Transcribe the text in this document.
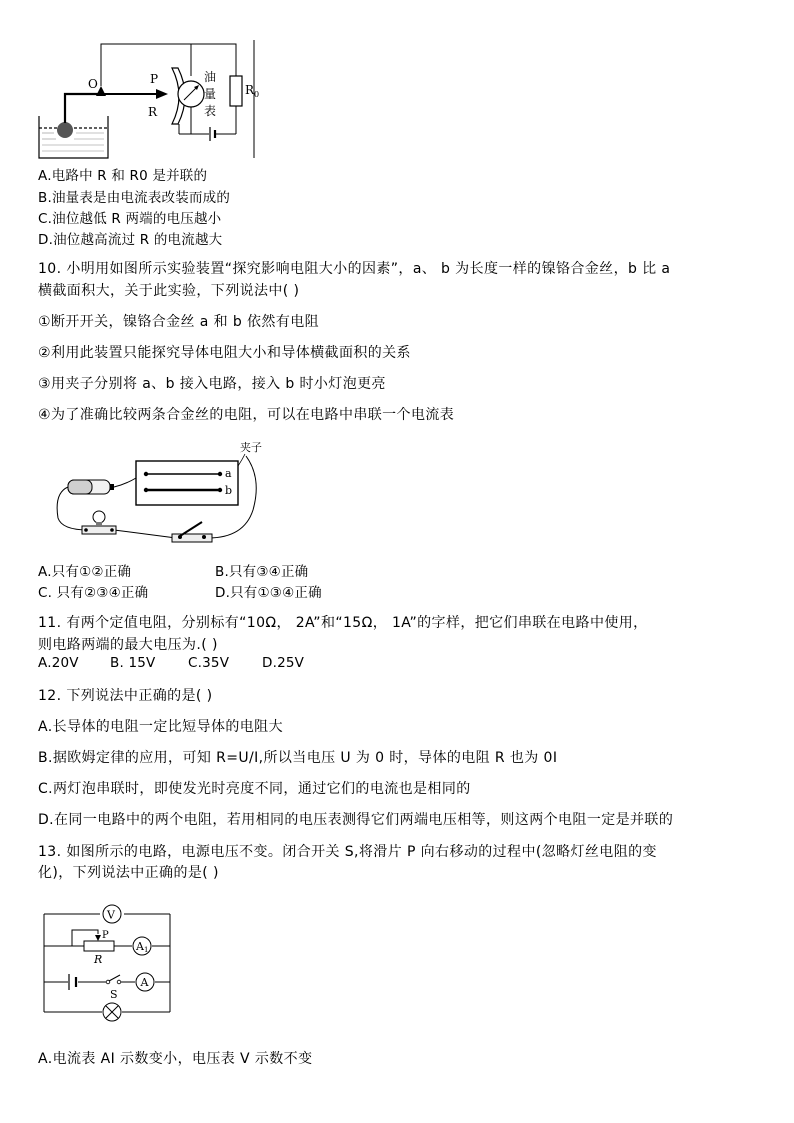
O	P
R
油
量
表
$R_0$
A.电路中 R 和 R0 是并联的
B.油量表是由电流表改装而成的
C.油位越低 R 两端的电压越小
D.油位越高流过 R 的电流越大
10. 小明用如图所示实验装置“探究影响电阻大小的因素”，a、 b 为长度一样的镍铬合金丝，b 比 a
横截面积大，关于此实验，下列说法中( )
①断开开关，镍铬合金丝 a 和 b 依然有电阻
②利用此装置只能探究导体电阻大小和导体横截面积的关系
③用夹子分别将 a、b 接入电路，接入 b 时小灯泡更亮
④为了准确比较两条合金丝的电阻，可以在电路中串联一个电流表
夹子
a
b
A.只有①②正确	B.只有③④正确
C. 只有②③④正确	D.只有①③④正确
11. 有两个定值电阻，分别标有“10Ω， 2A”和“15Ω， 1A”的字样，把它们串联在电路中使用，
则电路两端的最大电压为.( )
A.20V B. 15V C.35V D.25V
12. 下列说法中正确的是( )
A.长导体的电阻一定比短导体的电阻大
B.据欧姆定律的应用，可知 R=U/I,所以当电压 U 为 0 时，导体的电阻 R 也为 0I
C.两灯泡串联时，即使发光时亮度不同，通过它们的电流也是相同的
D.在同一电路中的两个电阻，若用相同的电压表测得它们两端电压相等，则这两个电阻一定是并联的
13. 如图所示的电路，电源电压不变。闭合开关 S,将滑片 P 向右移动的过程中(忽略灯丝电阻的变
化)，下列说法中正确的是( )
V
P
R
A1
S
A
A.电流表 AI 示数变小，电压表 V 示数不变
